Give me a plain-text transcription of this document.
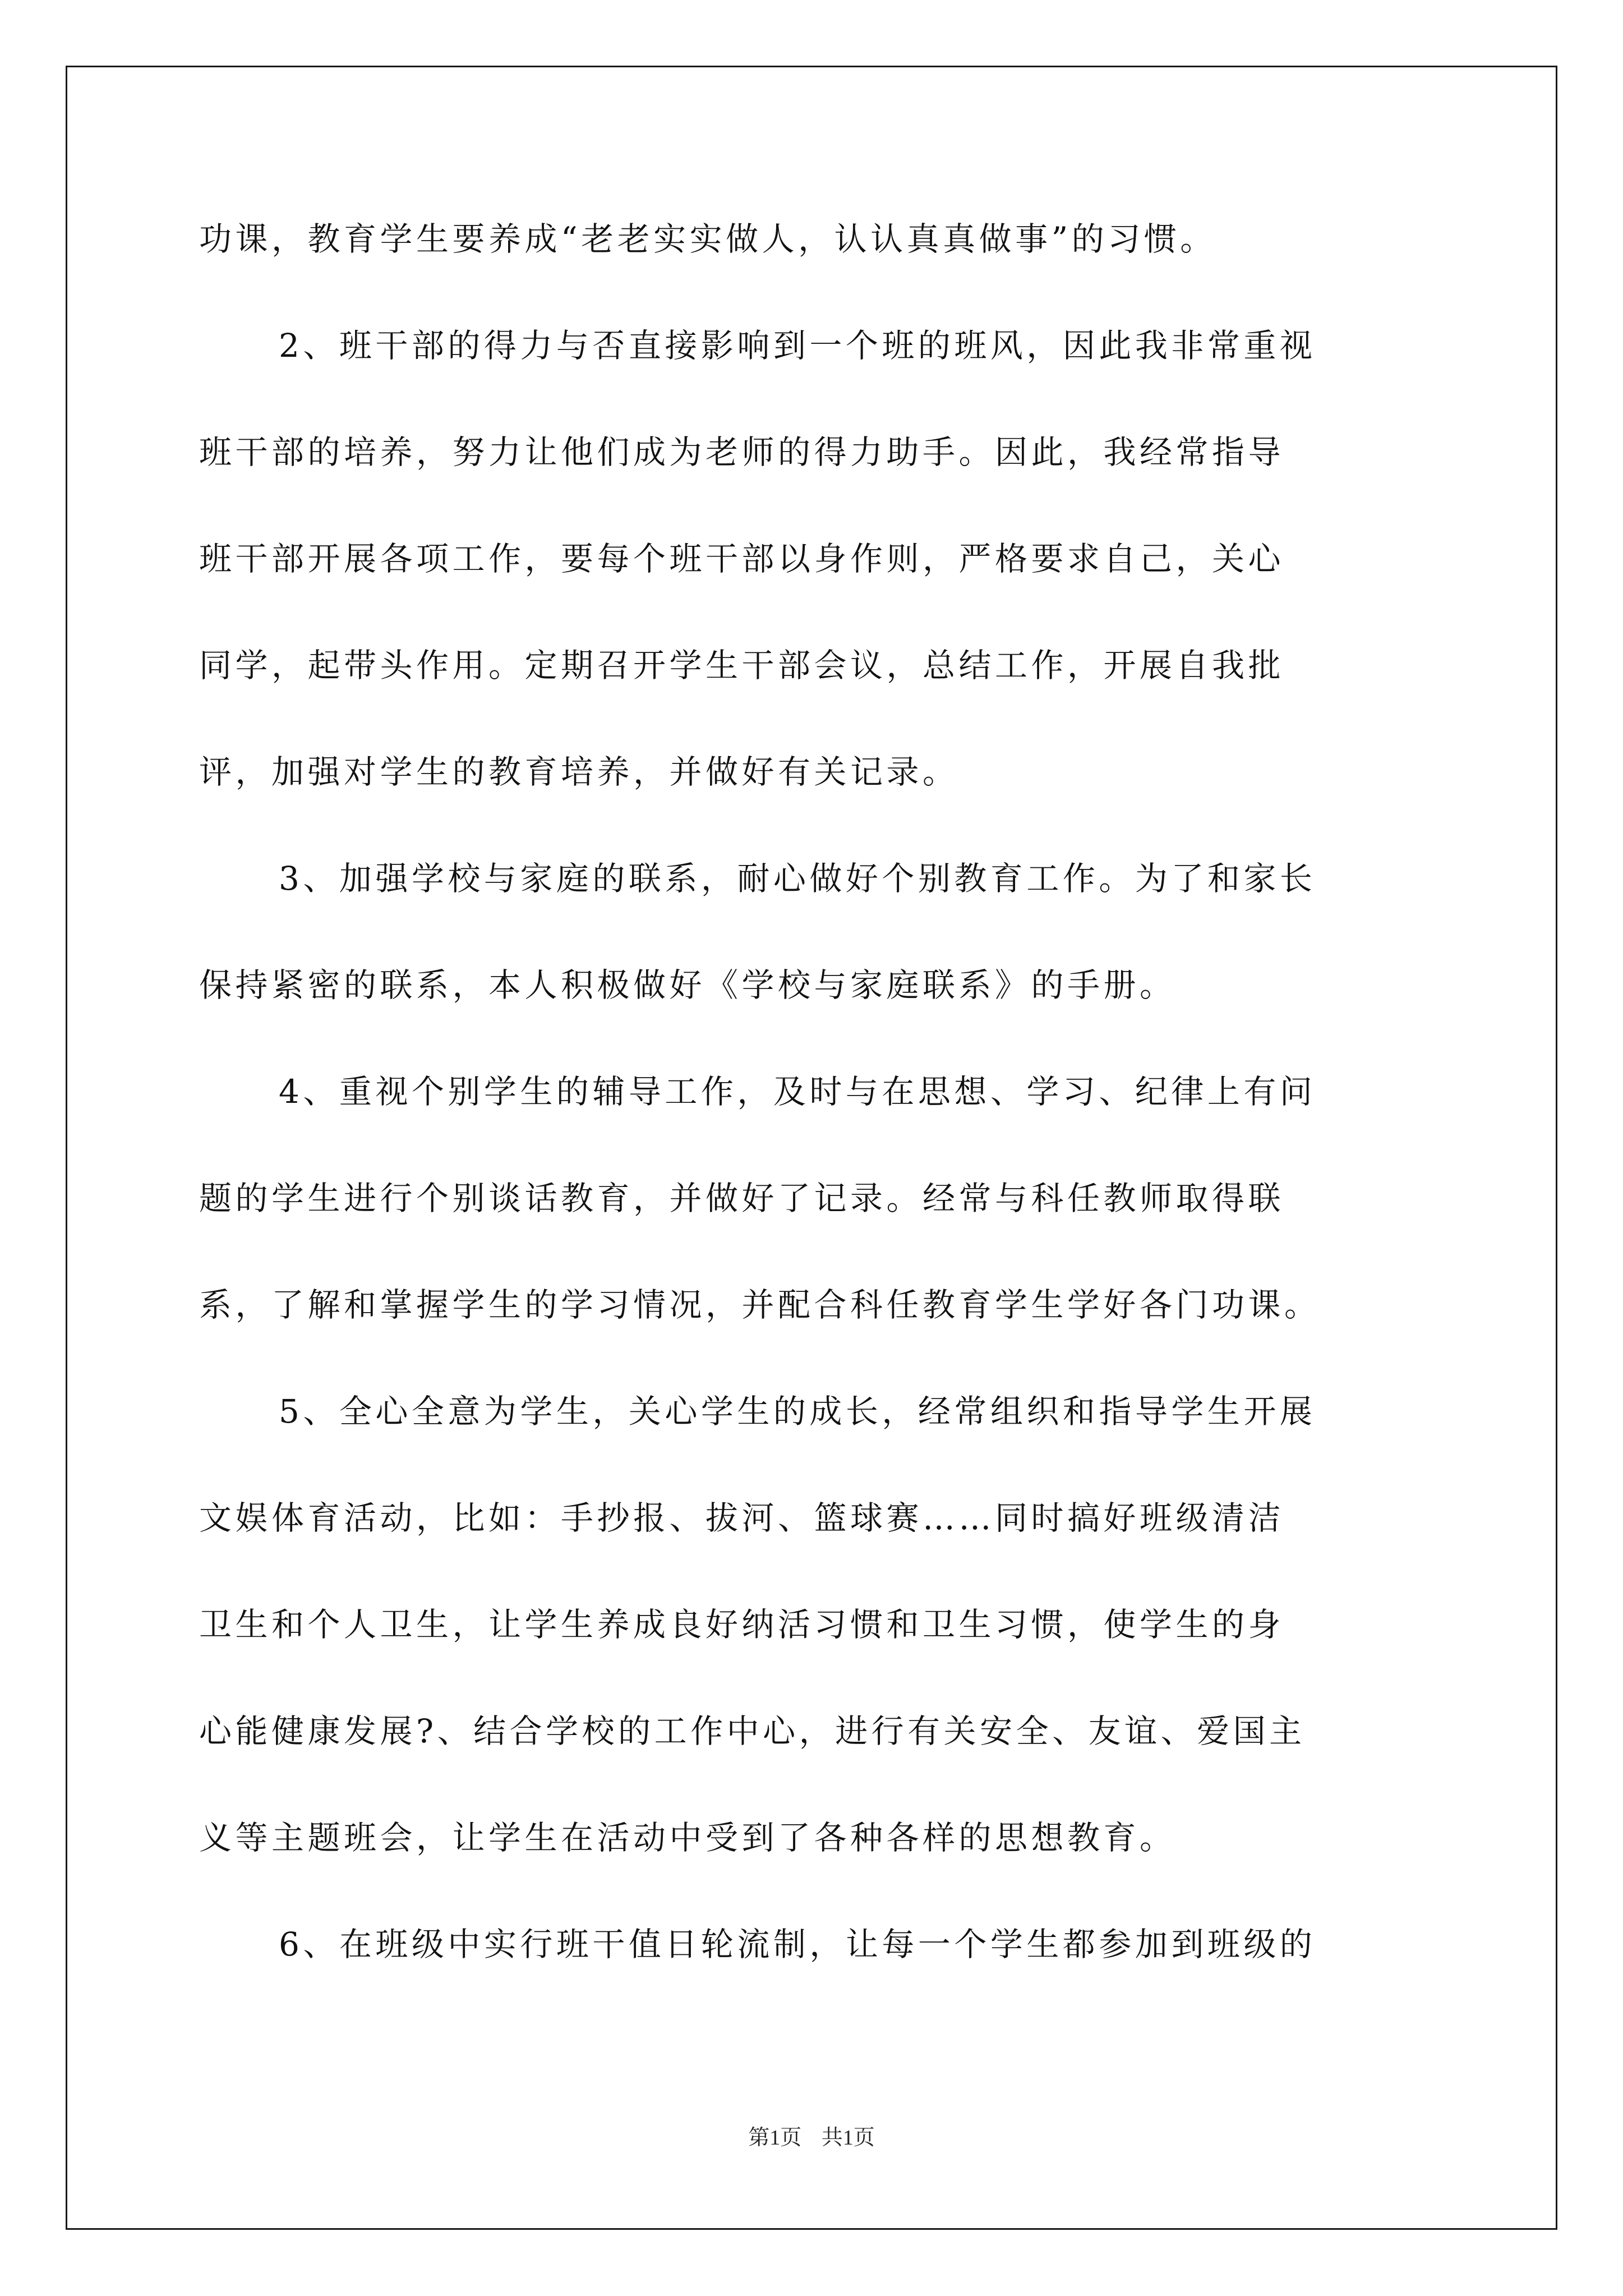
功课，教育学生要养成“老老实实做人，认认真真做事”的习惯。
2、班干部的得力与否直接影响到一个班的班风，因此我非常重视
班干部的培养，努力让他们成为老师的得力助手。因此，我经常指导
班干部开展各项工作，要每个班干部以身作则，严格要求自己，关心
同学，起带头作用。定期召开学生干部会议，总结工作，开展自我批
评，加强对学生的教育培养，并做好有关记录。
3、加强学校与家庭的联系，耐心做好个别教育工作。为了和家长
保持紧密的联系，本人积极做好《学校与家庭联系》的手册。
4、重视个别学生的辅导工作，及时与在思想、学习、纪律上有问
题的学生进行个别谈话教育，并做好了记录。经常与科任教师取得联
系，了解和掌握学生的学习情况，并配合科任教育学生学好各门功课。
5、全心全意为学生，关心学生的成长，经常组织和指导学生开展
文娱体育活动，比如：手抄报、拔河、篮球赛……同时搞好班级清洁
卫生和个人卫生，让学生养成良好纳活习惯和卫生习惯，使学生的身
心能健康发展?、结合学校的工作中心，进行有关安全、友谊、爱国主
义等主题班会，让学生在活动中受到了各种各样的思想教育。
6、在班级中实行班干值日轮流制，让每一个学生都参加到班级的
第1页 共1页
